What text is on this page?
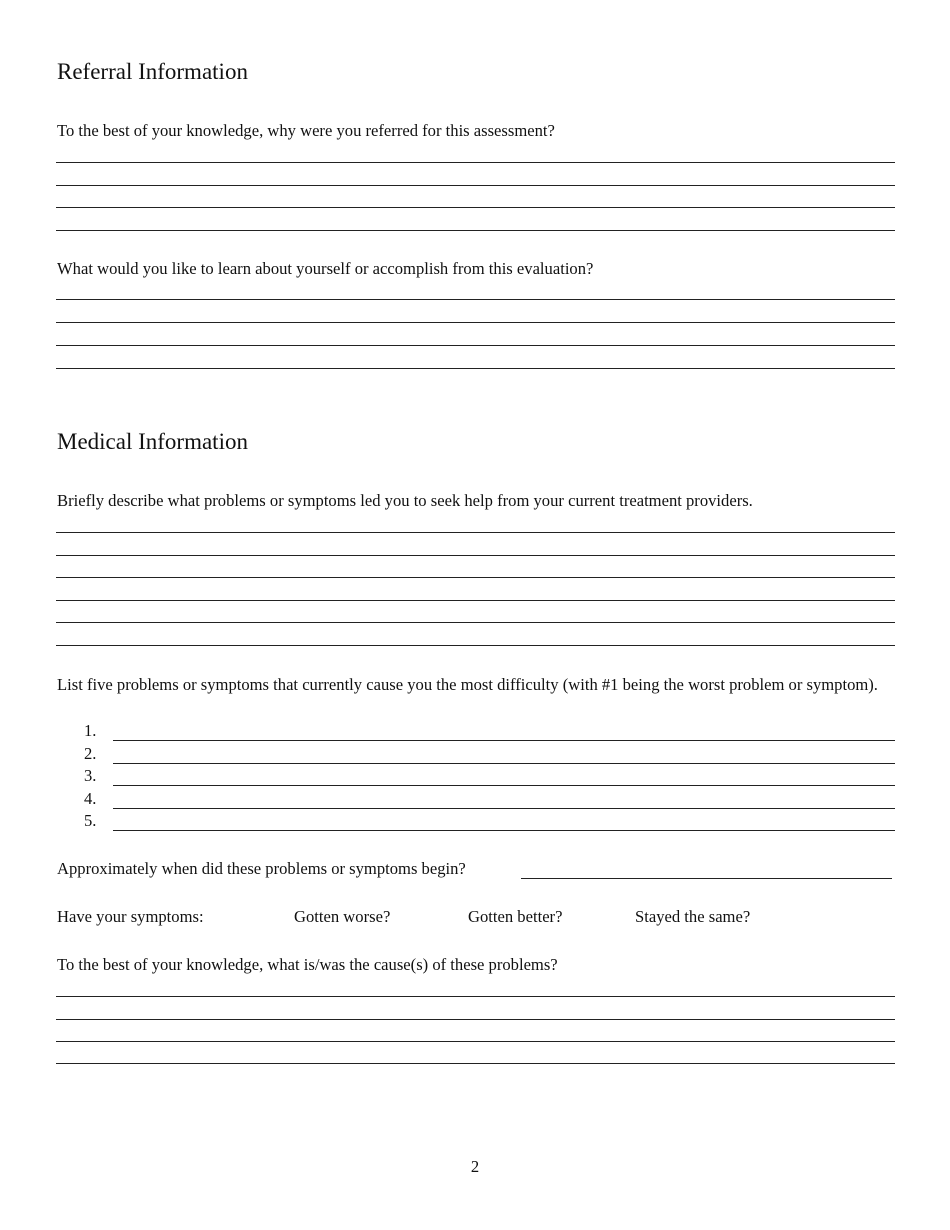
Referral Information
To the best of your knowledge, why were you referred for this assessment?
What would you like to learn about yourself or accomplish from this evaluation?
Medical Information
Briefly describe what problems or symptoms led you to seek help from your current treatment providers.
List five problems or symptoms that currently cause you the most difficulty (with #1 being the worst problem or symptom).
1.
2.
3.
4.
5.
Approximately when did these problems or symptoms begin?
Have your symptoms:	Gotten worse?	Gotten better?	Stayed the same?
To the best of your knowledge, what is/was the cause(s) of these problems?
2
